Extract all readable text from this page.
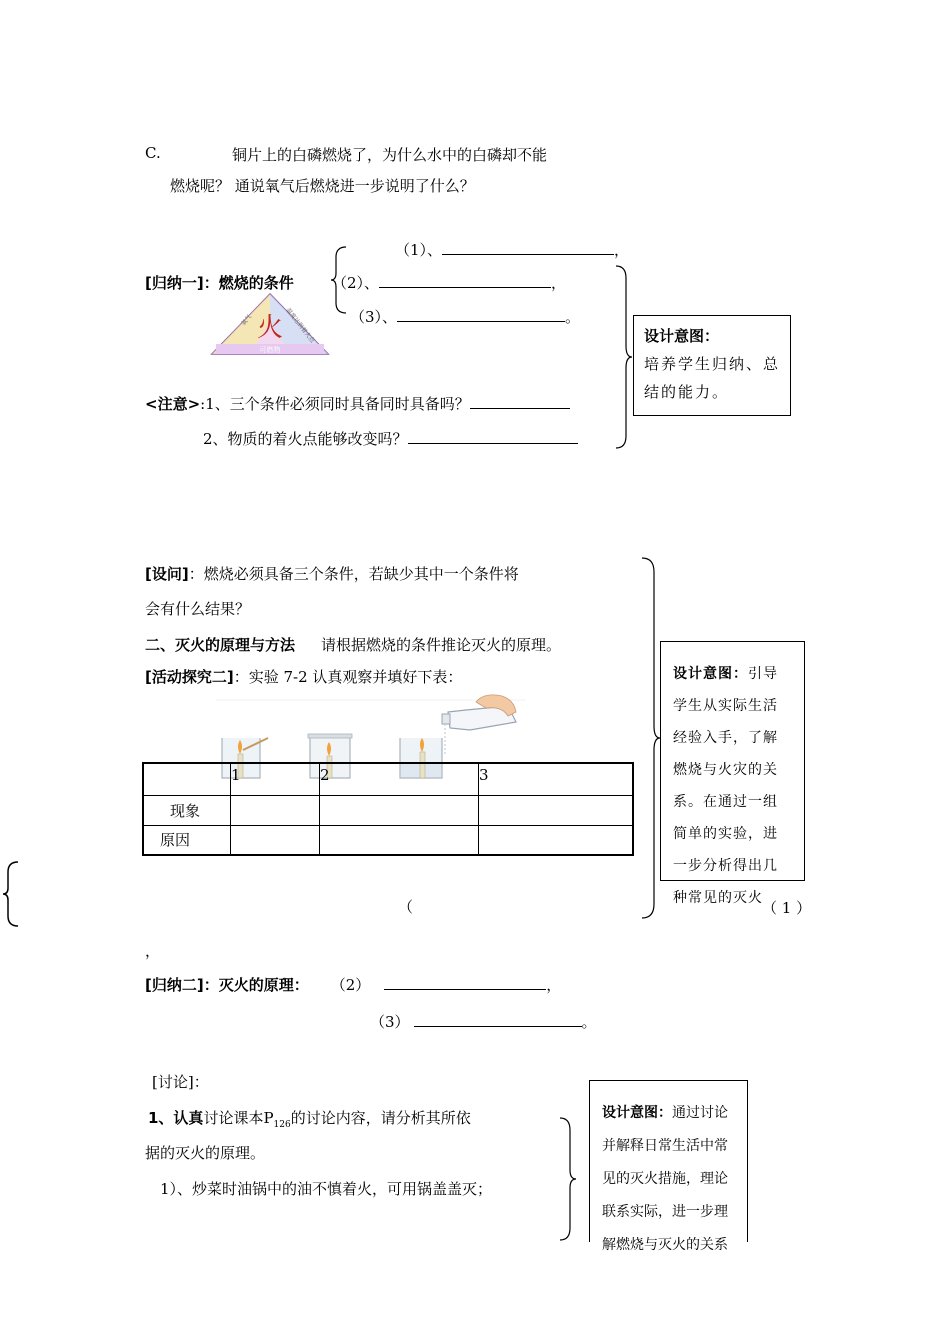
C.	铜片上的白磷燃烧了，为什么水中的白磷却不能
燃烧呢？ 通说氧气后燃烧进一步说明了什么？
（1）、	，
[归纳一]：燃烧的条件	（2）、	，
（3）、	。
火
氧气	温度达到着火点
可燃物
设计意图：

培养学生归纳、总结的能力。

<注意>:1、三个条件必须同时具备同时具备吗？
2、物质的着火点能够改变吗？
[设问]：燃烧必须具备三个条件，若缺少其中一个条件将
会有什么结果？
二、灭火的原理与方法 请根据燃烧的条件推论灭火的原理。
[活动探究二]：实验 7-2 认真观察并填好下表：
	1	2	3
现象			
原因			
设计意图：引导学生从实际生活经验入手，了解燃烧与火灾的关系。在通过一组简单的实验，进一步分析得出几种常见的灭火
（	（ 1 ）
，
[归纳二]：灭火的原理： （2）	，
（3）	。
[讨论]：
1、认真讨论课本$P_{126}$的讨论内容，请分析其所依
据的灭火的原理。
1）、炒菜时油锅中的油不慎着火，可用锅盖盖灭；
设计意图：通过讨论并解释日常生活中常见的灭火措施，理论联系实际，进一步理解燃烧与灭火的关系
